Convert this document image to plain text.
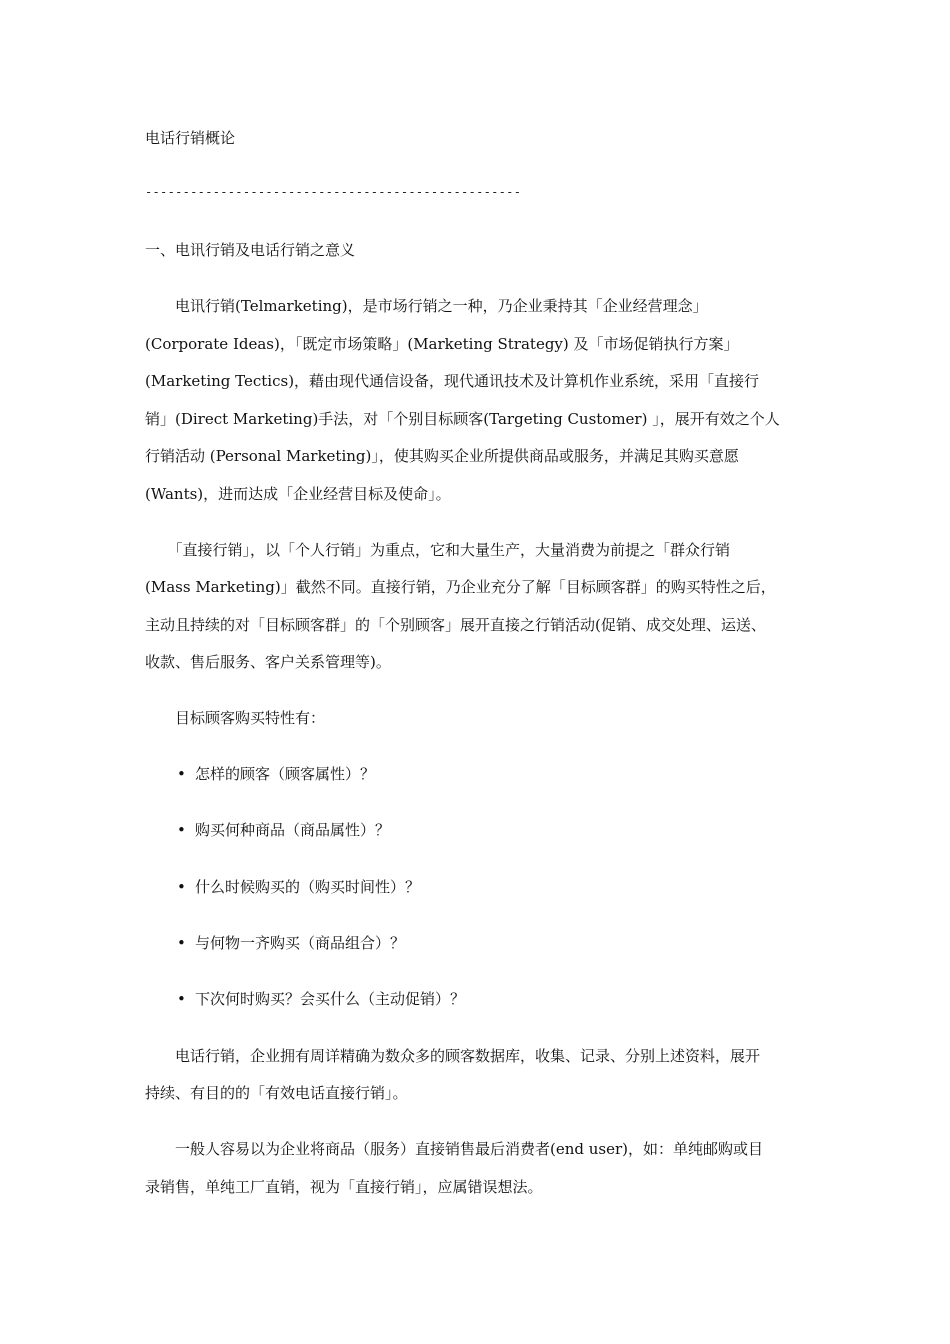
电话行销概论
--------------------------------------------------
一、电讯行销及电话行销之意义
　　电讯行销(Telmarketing)，是市场行销之一种，乃企业秉持其「企业经营理念」
(Corporate Ideas)，「既定市场策略」(Marketing Strategy) 及「市场促销执行方案」
(Marketing Tectics)，藉由现代通信设备，现代通讯技术及计算机作业系统，采用「直接行
销」(Direct Marketing)手法，对「个别目标顾客(Targeting Customer) 」，展开有效之个人
行销活动 (Personal Marketing)」，使其购买企业所提供商品或服务，并满足其购买意愿
(Wants)，进而达成「企业经营目标及使命」。
　　「直接行销」，以「个人行销」为重点，它和大量生产，大量消费为前提之「群众行销
(Mass Marketing)」截然不同。直接行销，乃企业充分了解「目标顾客群」的购买特性之后，
主动且持续的对「目标顾客群」的「个别顾客」展开直接之行销活动(促销、成交处理、运送、
收款、售后服务、客户关系管理等)。
　　目标顾客购买特性有：
• 怎样的顾客（顾客属性）？
• 购买何种商品（商品属性）？
• 什么时候购买的（购买时间性）？
• 与何物一齐购买（商品组合）？
• 下次何时购买？会买什么（主动促销）？
　　电话行销，企业拥有周详精确为数众多的顾客数据库，收集、记录、分别上述资料，展开
持续、有目的的「有效电话直接行销」。
　　一般人容易以为企业将商品（服务）直接销售最后消费者(end user)，如：单纯邮购或目
录销售，单纯工厂直销，视为「直接行销」，应属错误想法。
